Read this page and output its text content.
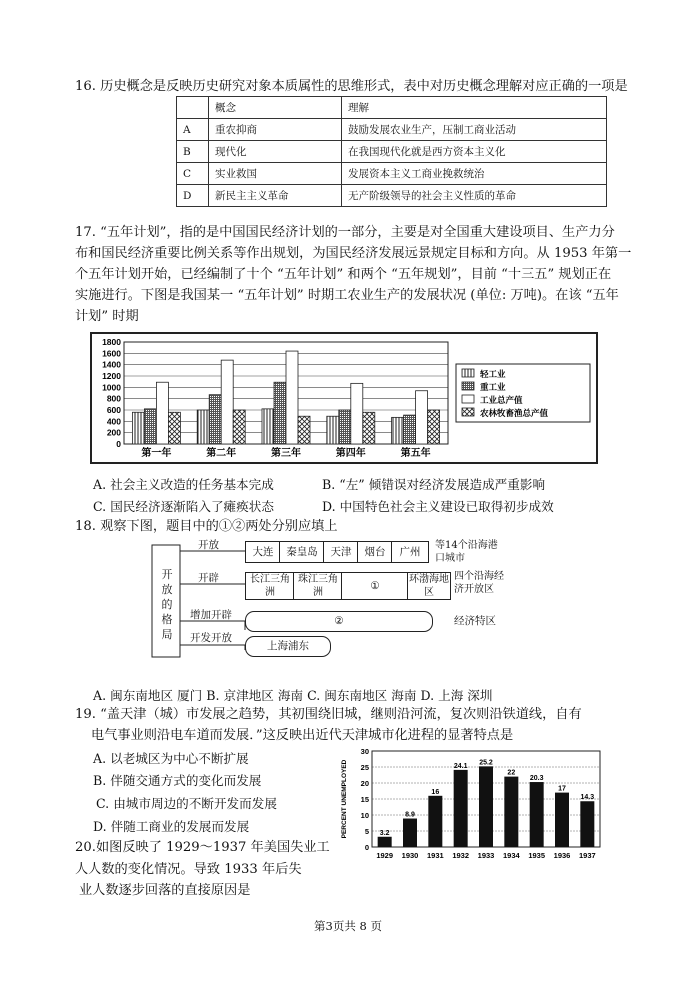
16. 历史概念是反映历史研究对象本质属性的思维形式，表中对历史概念理解对应正确的一项是
	概念	理解
A	重农抑商	鼓励发展农业生产，压制工商业活动
B	现代化	在我国现代化就是西方资本主义化
C	实业救国	发展资本主义工商业挽救统治
D	新民主主义革命	无产阶级领导的社会主义性质的革命
17. “五年计划”，指的是中国国民经济计划的一部分，主要是对全国重大建设项目、生产力分
布和国民经济重要比例关系等作出规划，为国民经济发展远景规定目标和方向。从 1953 年第一
个五年计划开始，已经编制了十个 “五年计划” 和两个 “五年规划”，目前 “十三五” 规划正在
实施进行。下图是我国某一 “五年计划” 时期工农业生产的发展状况 (单位: 万吨)。在该 “五年
计划” 时期
0
200
400
600
800
1000
1200
1400
1600
1800
第一年	第二年	第三年	第四年	第五年
轻工业
重工业
工业总产值
农林牧畜渔总产值
A. 社会主义改造的任务基本完成	B. “左” 倾错误对经济发展造成严重影响
C. 国民经济逐渐陷入了瘫痪状态	D. 中国特色社会主义建设已取得初步成效
18. 观察下图，题目中的①②两处分别应填上
开
放
的
格
局
开放
开辟
增加开辟
开发开放
大连	秦皇岛	天津	烟台	广州
等14个沿海港口城市
长江三角洲
珠江三角洲
①
环渤海地区
四个沿海经济开放区
②	经济特区
上海浦东
A. 闽东南地区 厦门 B. 京津地区 海南 C. 闽东南地区 海南 D. 上海 深圳
19. “盖天津（城）市发展之趋势，其初围绕旧城，继则沿河流，复次则沿铁道线，自有
电气事业则沿电车道而发展．”这反映出近代天津城市化进程的显著特点是
A. 以老城区为中心不断扩展
B. 伴随交通方式的变化而发展
C. 由城市周边的不断开发而发展
D. 伴随工商业的发展而发展
20.如图反映了 1929～1937 年美国失业工
人人数的变化情况。导致 1933 年后失
业人数逐步回落的直接原因是
0
5
10
15
20
25
30
PERCENT UNEMPLOYED	3.2
1929
8.9
1930
16
1931
24.1
1932
25.2
1933
22
1934
20.3
1935
17
1936
14.3
1937
第3页共 8 页
